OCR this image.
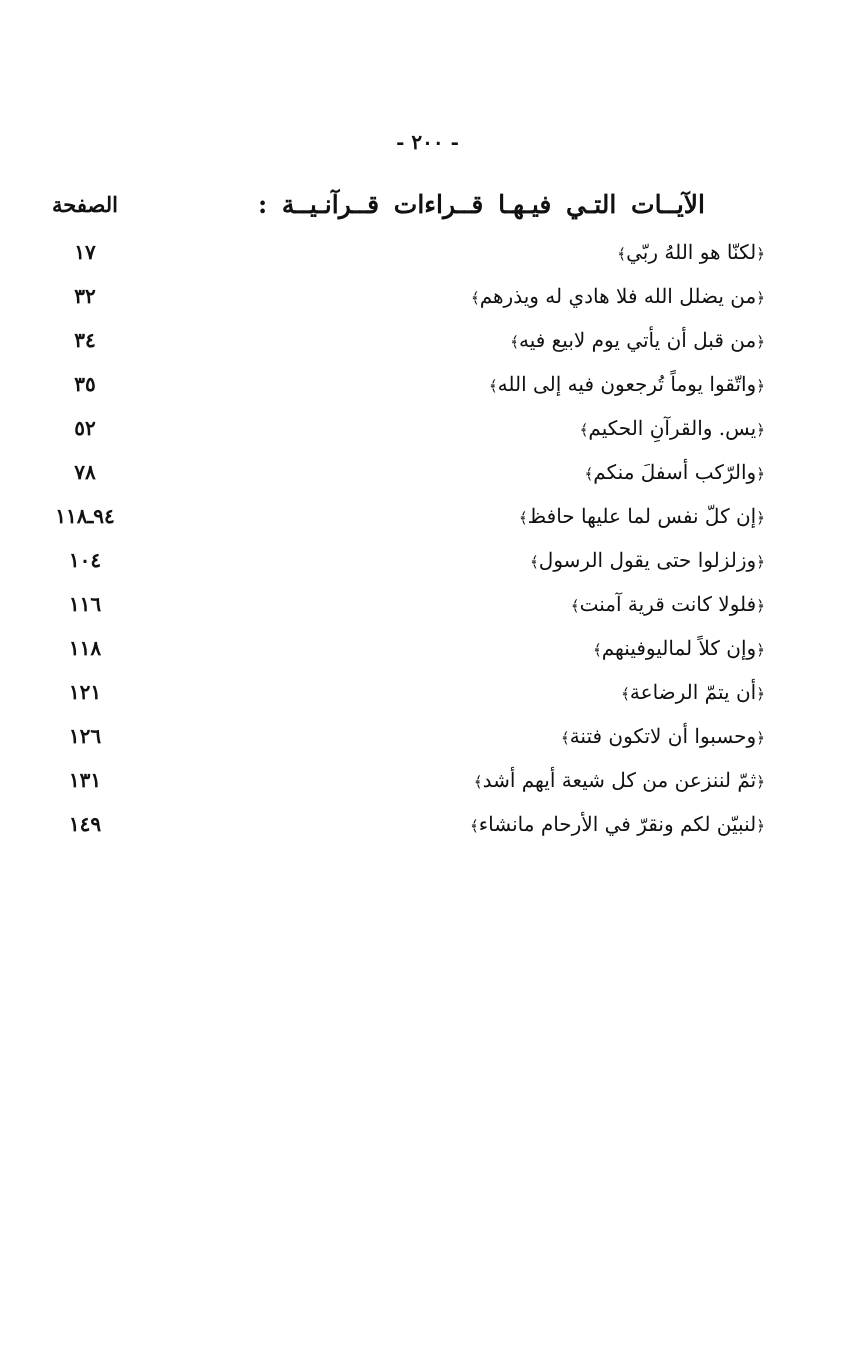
- ٢٠٠ -
الآيــات التـي فيـهـا قــراءات قــرآنـيــة :
الصفحة
﴿لكنّا هو اللهُ ربّي﴾
١٧
﴿من يضلل الله فلا هادي له ويذرهم﴾
٣٢
﴿من قبل أن يأتي يوم لابيع فيه﴾
٣٤
﴿واتّقوا يوماً تُرجعون فيه إلى الله﴾
٣٥
﴿يس. والقرآنِ الحكيم﴾
٥٢
﴿والرّكب أسفلَ منكم﴾
٧٨
﴿إن كلّ نفس لما عليها حافظ﴾
٩٤ـ١١٨
﴿وزلزلوا حتى يقول الرسول﴾
١٠٤
﴿فلولا كانت قرية آمنت﴾
١١٦
﴿وإن كلاً لماليوفينهم﴾
١١٨
﴿أن يتمّ الرضاعة﴾
١٢١
﴿وحسبوا أن لاتكون فتنة﴾
١٢٦
﴿ثمّ لننزعن من كل شيعة أيهم أشد﴾
١٣١
﴿لنبيّن لكم ونقرّ في الأرحام مانشاء﴾
١٤٩
